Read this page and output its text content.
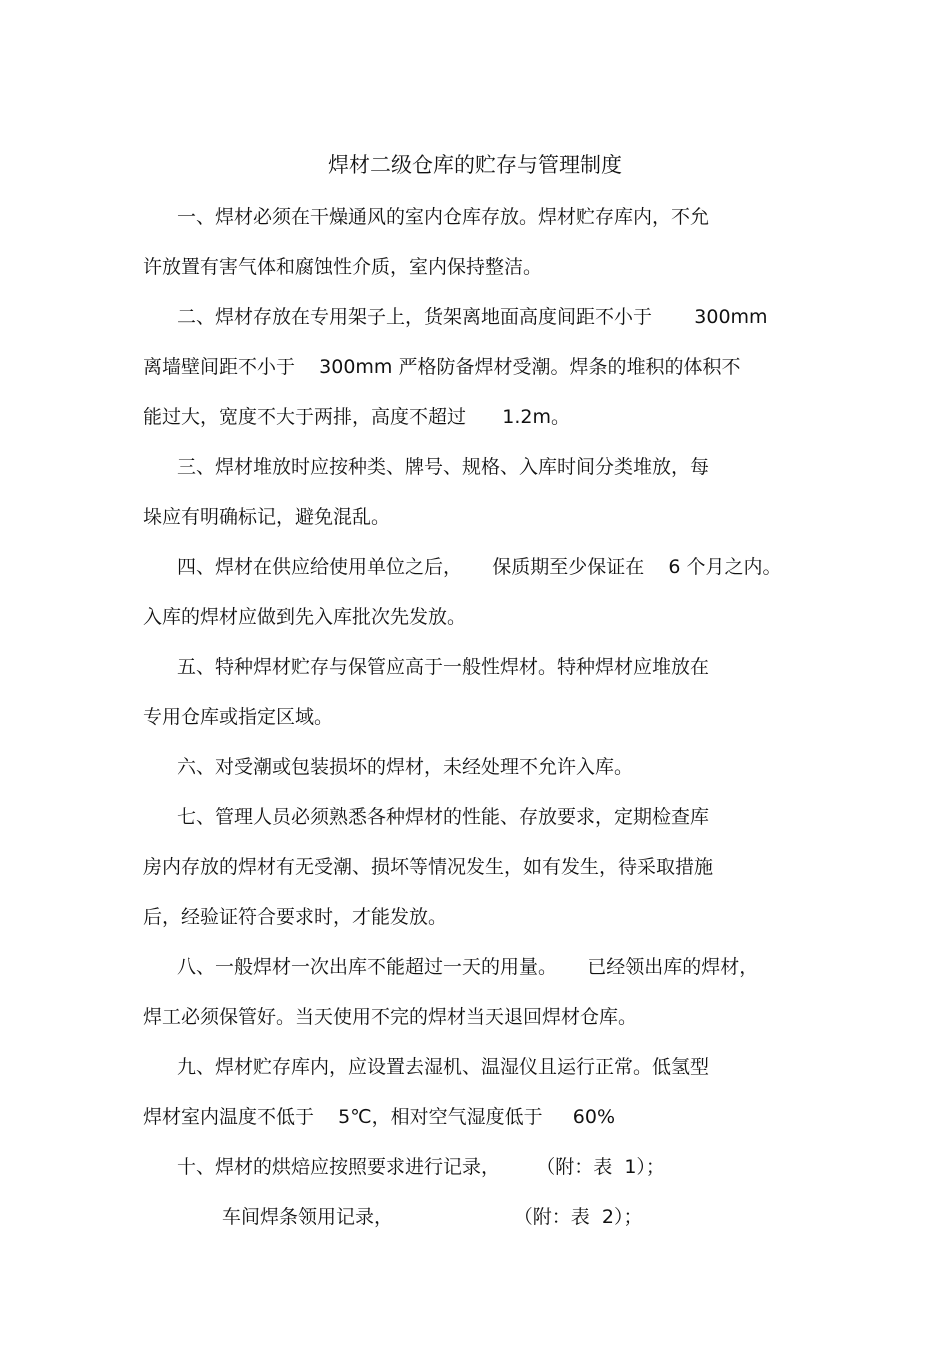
焊材二级仓库的贮存与管理制度
一、焊材必须在干燥通风的室内仓库存放。焊材贮存库内，不允
许放置有害气体和腐蚀性介质，室内保持整洁。
二、焊材存放在专用架子上，货架离地面高度间距不小于       300mm
离墙壁间距不小于    300mm 严格防备焊材受潮。焊条的堆积的体积不
能过大，宽度不大于两排，高度不超过      1.2m。
三、焊材堆放时应按种类、牌号、规格、入库时间分类堆放，每
垛应有明确标记，避免混乱。
四、焊材在供应给使用单位之后，     保质期至少保证在    6 个月之内。
入库的焊材应做到先入库批次先发放。
五、特种焊材贮存与保管应高于一般性焊材。特种焊材应堆放在
专用仓库或指定区域。
六、对受潮或包装损坏的焊材，未经处理不允许入库。
七、管理人员必须熟悉各种焊材的性能、存放要求，定期检查库
房内存放的焊材有无受潮、损坏等情况发生，如有发生，待采取措施
后，经验证符合要求时，才能发放。
八、一般焊材一次出库不能超过一天的用量。     已经领出库的焊材，
焊工必须保管好。当天使用不完的焊材当天退回焊材仓库。
九、焊材贮存库内，应设置去湿机、温湿仪且运行正常。低氢型
焊材室内温度不低于    5℃，相对空气湿度低于     60%
十、焊材的烘焙应按照要求进行记录，      （附：表  1）；
车间焊条领用记录，                    （附：表  2）；
